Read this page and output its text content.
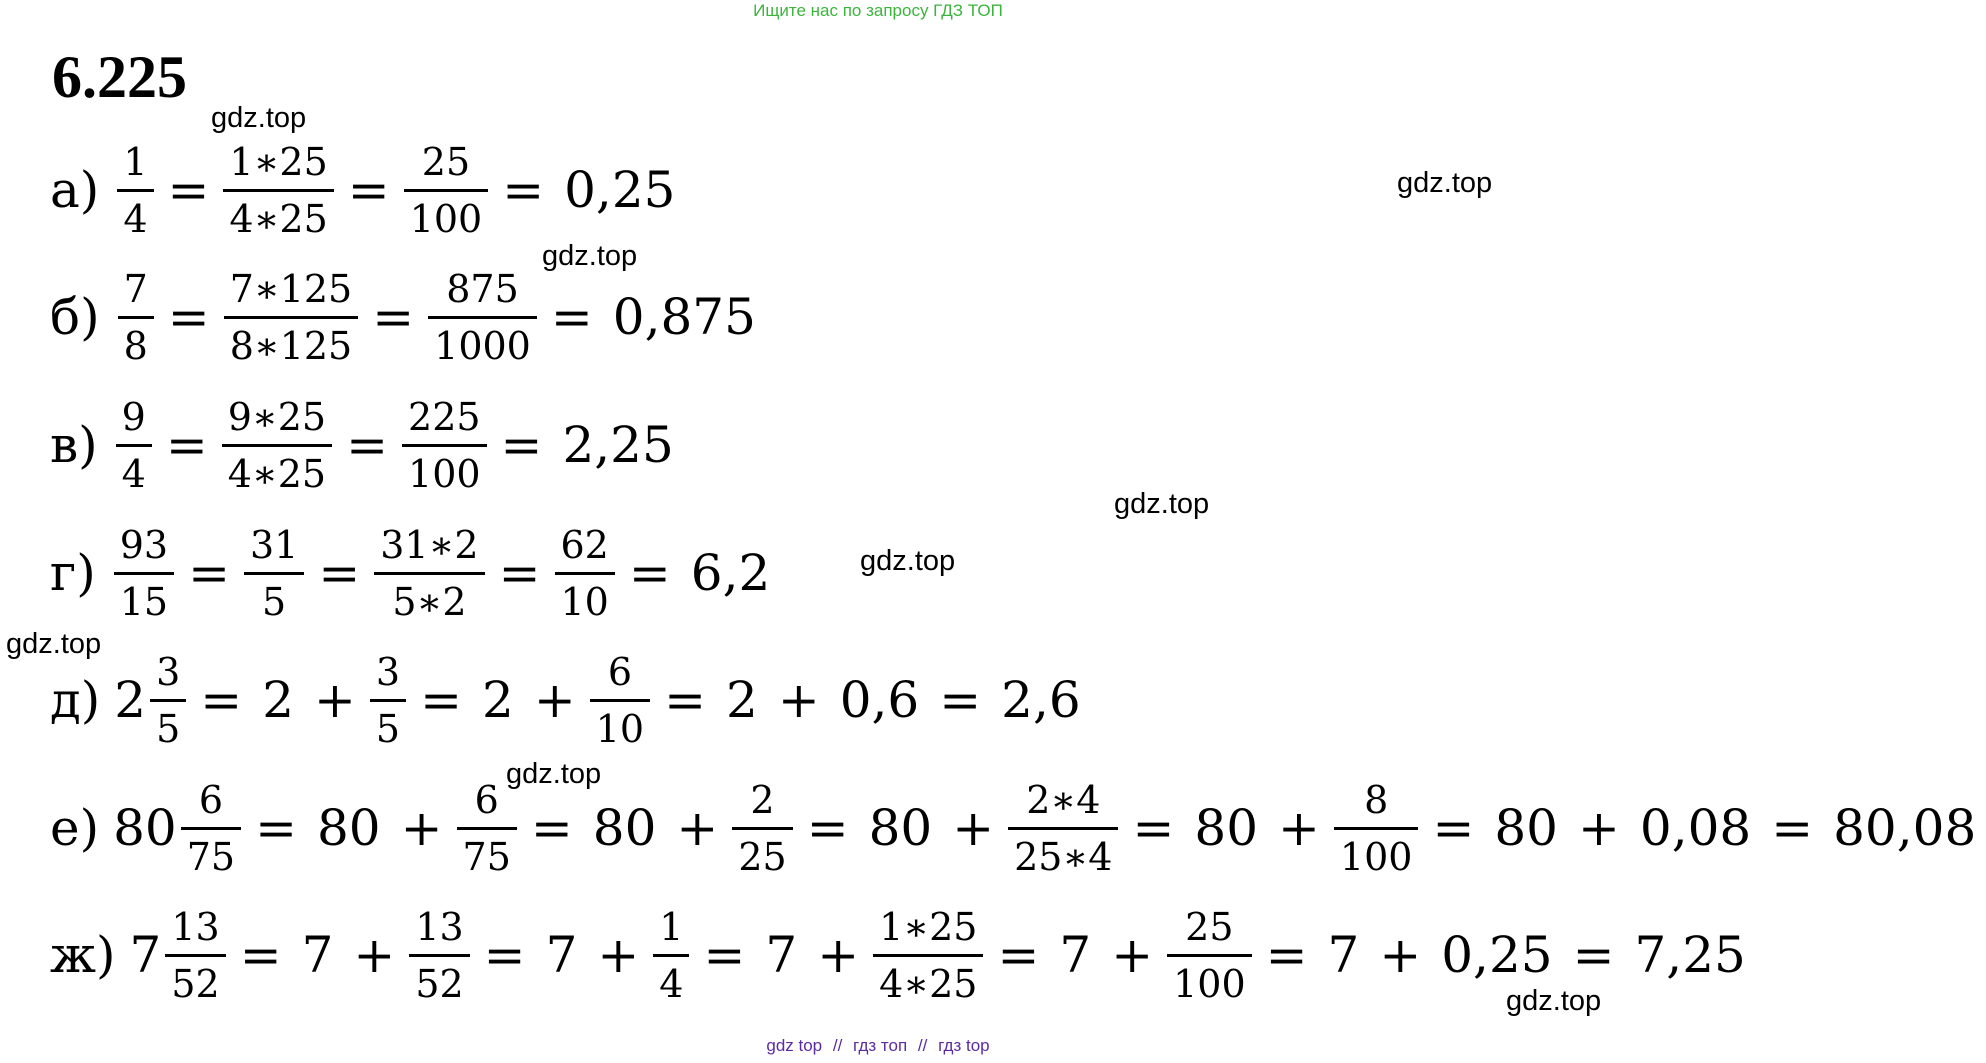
Ищите нас по запросу ГДЗ ТОП
6.225
gdz.top
gdz.top
gdz.top
gdz.top
gdz.top
gdz.top
gdz.top
gdz.top
$а) \frac{1}{4} = \frac{1∗25}{4∗25} = \frac{25}{100} = 0,25$
$б) \frac{7}{8} = \frac{7∗125}{8∗125} = \frac{875}{1000} = 0,875$
$в) \frac{9}{4} = \frac{9∗25}{4∗25} = \frac{225}{100} = 2,25$
$г) \frac{93}{15} = \frac{31}{5} = \frac{31∗2}{5∗2} = \frac{62}{10} = 6,2$
д) $2 \frac{3}{5} = 2 + \frac{3}{5} = 2 + \frac{6}{10} = 2 + 0,6 = 2,6$
е) $80 \frac{6}{75} = 80 + \frac{6}{75} = 80 + \frac{2}{25} = 80 + \frac{2∗4}{25∗4} = 80 + \frac{8}{100} = 80 + 0,08 = 80,08$
ж) $7 \frac{13}{52} = 7 + \frac{13}{52} = 7 + \frac{1}{4} = 7 + \frac{1∗25}{4∗25} = 7 + \frac{25}{100} = 7 + 0,25 = 7,25$
gdz top // гдз топ // гдз top
